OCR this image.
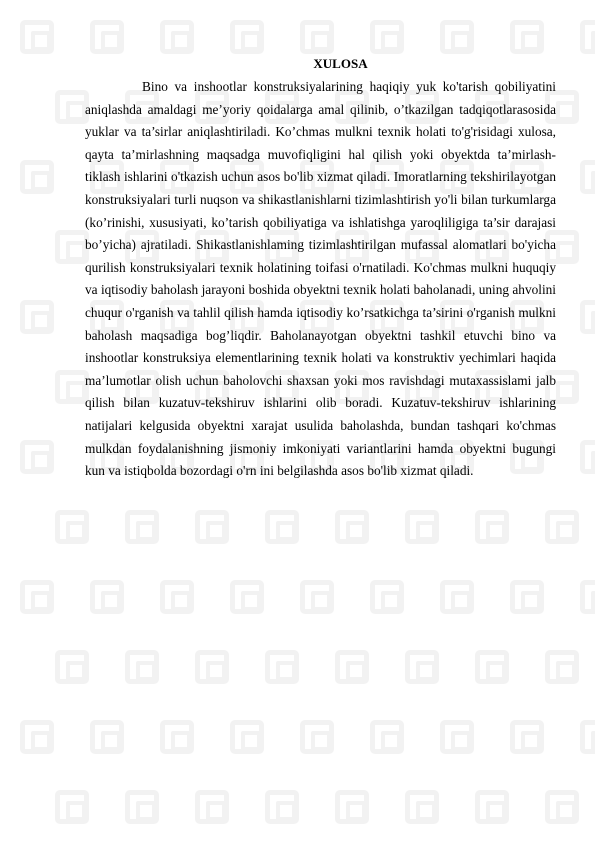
XULOSA

Bino va inshootlar konstruksiyalarining haqiqiy yuk ko'tarish qobiliyatini aniqlashda amaldagi me’yoriy qoidalarga amal qilinib, o’tkazilgan tadqiqotlarasosida yuklar va ta’sirlar aniqlashtiriladi. Ko’chmas mulkni texnik holati to'g'risidagi xulosa, qayta ta’mirlashning maqsadga muvofiqligini hal qilish yoki obyektda ta’mirlash-tiklash ishlarini o'tkazish uchun asos bo'lib xizmat qiladi. Imoratlarning tekshirilayotgan konstruksiyalari turli nuqson va shikastlanishlarni tizimlashtirish yo'li bilan turkumlarga (ko’rinishi, xususiyati, ko’tarish qobiliyatiga va ishlatishga yaroqliligiga ta’sir darajasi bo’yicha) ajratiladi. Shikastlanishlaming tizimlashtirilgan mufassal alomatlari bo'yicha qurilish konstruksiyalari texnik holatining toifasi o'rnatiladi. Ko'chmas mulkni huquqiy va iqtisodiy baholash jarayoni boshida obyektni texnik holati baholanadi, uning ahvolini chuqur o'rganish va tahlil qilish hamda iqtisodiy ko’rsatkichga ta’sirini o'rganish mulkni baholash maqsadiga bog’liqdir. Baholanayotgan obyektni tashkil etuvchi bino va inshootlar konstruksiya elementlarining texnik holati va konstruktiv yechimlari haqida ma’lumotlar olish uchun baholovchi shaxsan yoki mos ravishdagi mutaxassislami jalb qilish bilan kuzatuv-tekshiruv ishlarini olib boradi. Kuzatuv-tekshiruv ishlarining natijalari kelgusida obyektni xarajat usulida baholashda, bundan tashqari ko'chmas mulkdan foydalanishning jismoniy imkoniyati variantlarini hamda obyektni bugungi kun va istiqbolda bozordagi o'rn ini belgilashda asos bo'lib xizmat qiladi.
